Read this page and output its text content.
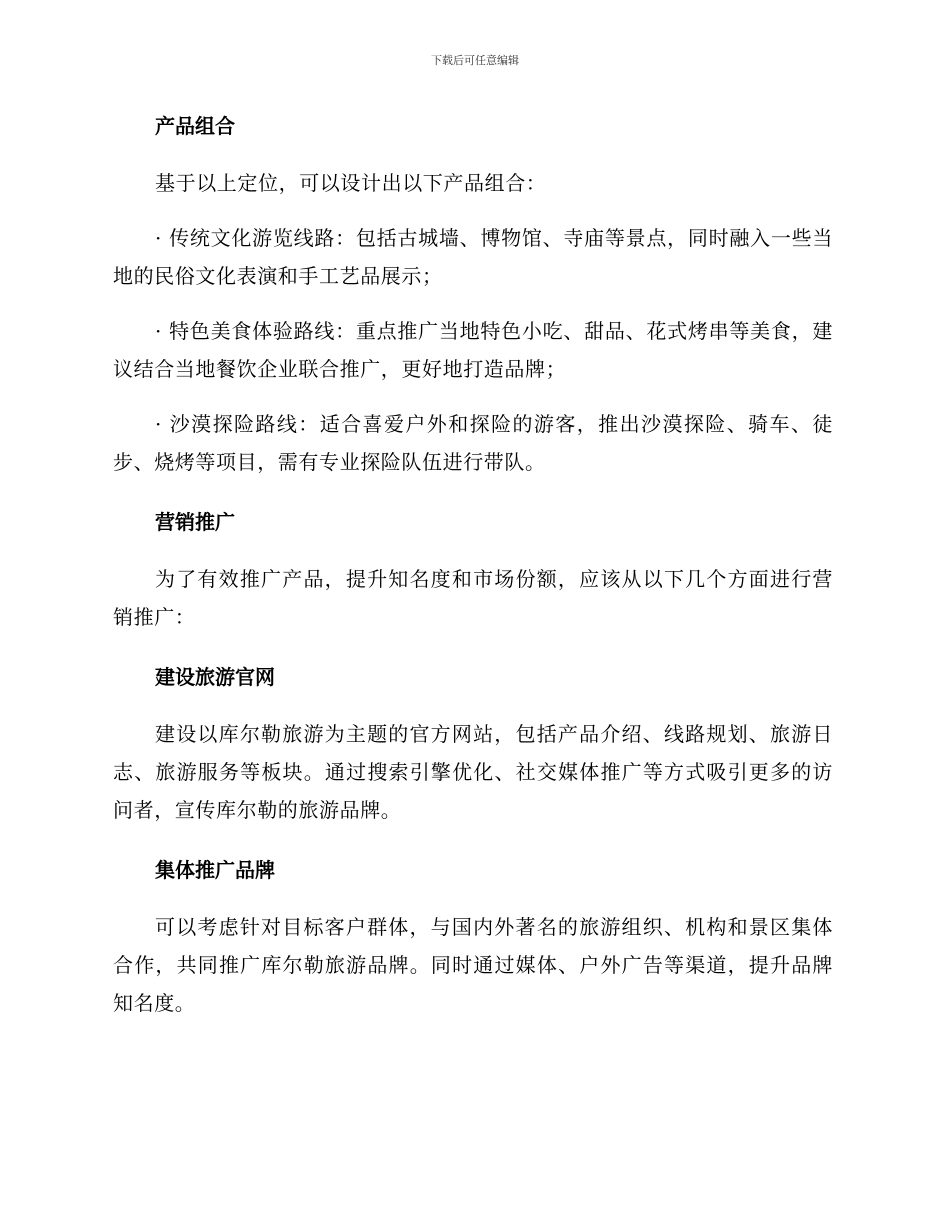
下载后可任意编辑
产品组合

基于以上定位，可以设计出以下产品组合：

· 传统文化游览线路：包括古城墙、博物馆、寺庙等景点，同时融入一些当地的民俗文化表演和手工艺品展示；

· 特色美食体验路线：重点推广当地特色小吃、甜品、花式烤串等美食，建议结合当地餐饮企业联合推广，更好地打造品牌；

· 沙漠探险路线：适合喜爱户外和探险的游客，推出沙漠探险、骑车、徒步、烧烤等项目，需有专业探险队伍进行带队。

营销推广

为了有效推广产品，提升知名度和市场份额，应该从以下几个方面进行营销推广：

建设旅游官网

建设以库尔勒旅游为主题的官方网站，包括产品介绍、线路规划、旅游日志、旅游服务等板块。通过搜索引擎优化、社交媒体推广等方式吸引更多的访问者，宣传库尔勒的旅游品牌。

集体推广品牌

可以考虑针对目标客户群体，与国内外著名的旅游组织、机构和景区集体合作，共同推广库尔勒旅游品牌。同时通过媒体、户外广告等渠道，提升品牌知名度。
